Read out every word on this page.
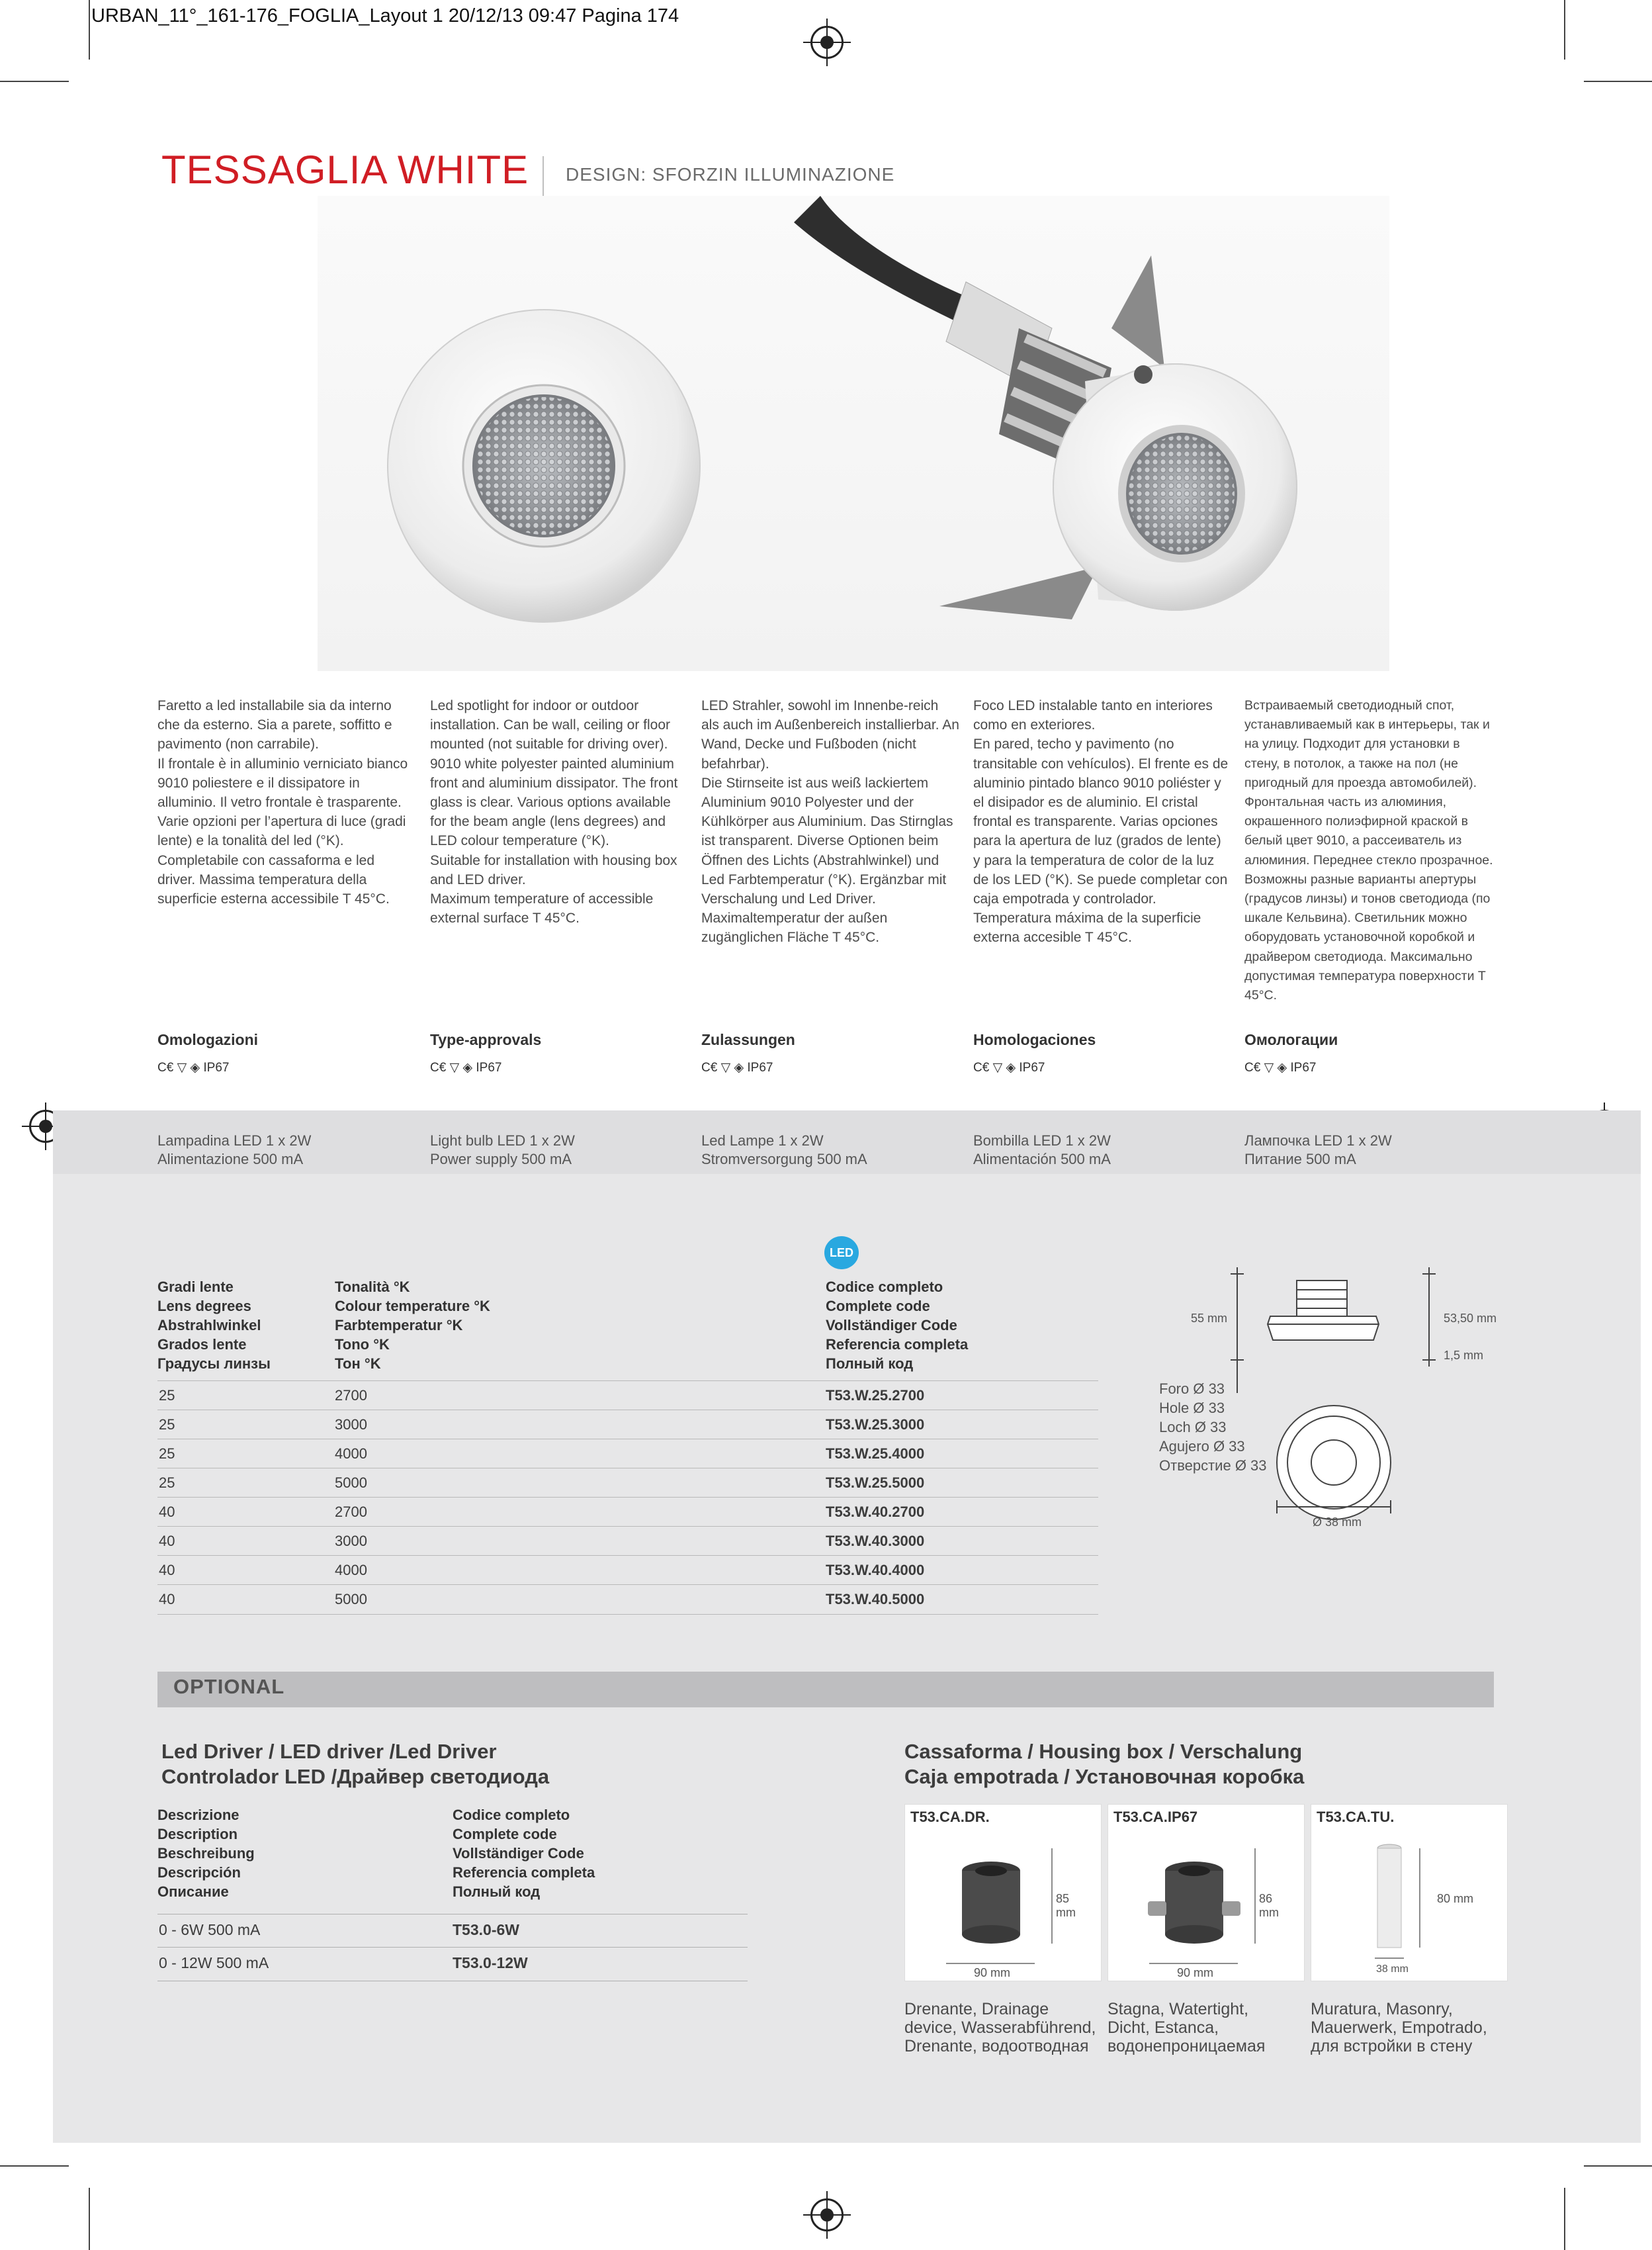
URBAN_11°_161-176_FOGLIA_Layout 1 20/12/13 09:47 Pagina 174
TESSAGLIA WHITE DESIGN: SFORZIN ILLUMINAZIONE
Faretto a led installabile sia da interno che da esterno. Sia a parete, soffitto e pavimento (non carrabile).
Il frontale è in alluminio verniciato bianco 9010 poliestere e il dissipatore in alluminio. Il vetro frontale è trasparente. Varie opzioni per l’apertura di luce (gradi lente) e la tonalità del led (°K).
Completabile con cassaforma e led driver. Massima temperatura della superficie esterna accessibile T 45°C.
Led spotlight for indoor or outdoor installation. Can be wall, ceiling or floor mounted (not suitable for driving over). 9010 white polyester painted aluminium front and aluminium dissipator. The front glass is clear. Various options available for the beam angle (lens degrees) and LED colour temperature (°K).
Suitable for installation with housing box and LED driver.
Maximum temperature of accessible external surface T 45°C.
LED Strahler, sowohl im Innenbe-reich als auch im Außenbereich installierbar. An Wand, Decke und Fußboden (nicht befahrbar).
Die Stirnseite ist aus weiß lackiertem Aluminium 9010 Polyester und der Kühlkörper aus Aluminium. Das Stirnglas ist transparent. Diverse Optionen beim Öffnen des Lichts (Abstrahlwinkel) und Led Farbtemperatur (°K). Ergänzbar mit Verschalung und Led Driver. Maximaltemperatur der außen zugänglichen Fläche T 45°C.
Foco LED instalable tanto en interiores como en exteriores.
En pared, techo y pavimento (no transitable con vehículos). El frente es de aluminio pintado blanco 9010 poliéster y el disipador es de aluminio. El cristal frontal es transparente. Varias opciones para la apertura de luz (grados de lente) y para la temperatura de color de la luz de los LED (°K). Se puede completar con caja empotrada y controlador. Temperatura máxima de la superficie externa accesible T 45°C.
Встраиваемый светодиодный спот, устанавливаемый как в интерьеры, так и на улицу. Подходит для установки в стену, в потолок, а также на пол (не пригодный для проезда автомобилей). Фронтальная часть из алюминия, окрашенного полиэфирной краской в белый цвет 9010, а рассеиватель из алюминия. Переднее стекло прозрачное. Возможны разные варианты апертуры (градусов линзы) и тонов светодиода (по шкале Кельвина). Светильник можно оборудовать установочной коробкой и драйвером светодиода. Максимально допустимая температура поверхности Т 45°С.
Omologazioni	Type-approvals	Zulassungen	Homologaciones	Омологации
C€ ▽ ◈ IP67	C€ ▽ ◈ IP67	C€ ▽ ◈ IP67	C€ ▽ ◈ IP67	C€ ▽ ◈ IP67
Lampadina LED 1 x 2W
Alimentazione 500 mA
Light bulb LED 1 x 2W
Power supply 500 mA
Led Lampe 1 x 2W
Stromversorgung 500 mA
Bombilla LED 1 x 2W
Alimentación 500 mA
Лампочка LED 1 x 2W
Питание 500 mA
LED
Gradi lente
Lens degrees
Abstrahlwinkel
Grados lente
Градусы линзы
Tonalità °K
Colour temperature °K
Farbtemperatur °K
Tono °K
Тон °K
Codice completo
Complete code
Vollständiger Code
Referencia completa
Полный код
25	2700	T53.W.25.2700
25	3000	T53.W.25.3000
25	4000	T53.W.25.4000
25	5000	T53.W.25.5000
40	2700	T53.W.40.2700
40	3000	T53.W.40.3000
40	4000	T53.W.40.4000
40	5000	T53.W.40.5000
55 mm	53,50 mm
1,5 mm
Foro Ø 33
Hole Ø 33
Loch Ø 33
Agujero Ø 33
Отверстие Ø 33
Ø 38 mm
OPTIONAL
Led Driver / LED driver /Led Driver
Controlador LED /Драйвер светодиода
Descrizione
Description
Beschreibung
Descripción
Описание
Codice completo
Complete code
Vollständiger Code
Referencia completa
Полный код
0 - 6W 500 mA	T53.0-6W
0 - 12W 500 mA	T53.0-12W
Cassaforma / Housing box / Verschalung
Caja empotrada / Установочная коробка
T53.CA.DR.
85
mm
90 mm
T53.CA.IP67
86
mm
90 mm
T53.CA.TU.
80 mm
38 mm
Drenante, Drainage
device, Wasserabführend,
Drenante, водоотводная
Stagna, Watertight,
Dicht, Estanca,
водонепроницаемая
Muratura, Masonry,
Mauerwerk, Empotrado,
для встройки в стену
